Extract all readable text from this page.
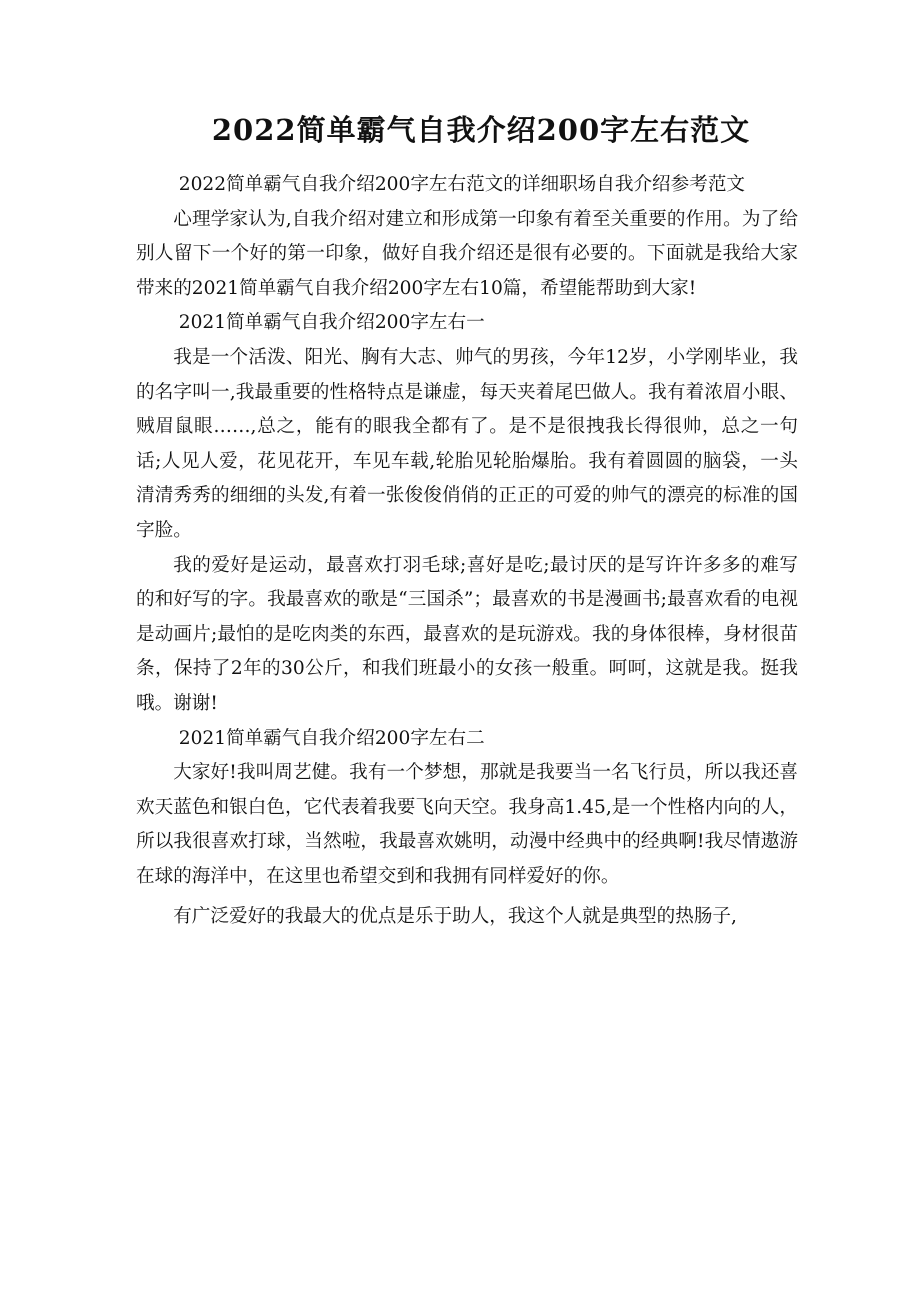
2022简单霸气自我介绍200字左右范文

2022简单霸气自我介绍200字左右范文的详细职场自我介绍参考范文

心理学家认为,自我介绍对建立和形成第一印象有着至关重要的作用。为了给别人留下一个好的第一印象，做好自我介绍还是很有必要的。下面就是我给大家带来的2021简单霸气自我介绍200字左右10篇，希望能帮助到大家!

2021简单霸气自我介绍200字左右一

我是一个活泼、阳光、胸有大志、帅气的男孩，今年12岁，小学刚毕业，我的名字叫一,我最重要的性格特点是谦虚，每天夹着尾巴做人。我有着浓眉小眼、贼眉鼠眼……,总之，能有的眼我全都有了。是不是很拽我长得很帅，总之一句话;人见人爱，花见花开，车见车载,轮胎见轮胎爆胎。我有着圆圆的脑袋，一头清清秀秀的细细的头发,有着一张俊俊俏俏的正正的可爱的帅气的漂亮的标准的国字脸。

我的爱好是运动，最喜欢打羽毛球;喜好是吃;最讨厌的是写许许多多的难写的和好写的字。我最喜欢的歌是“三国杀”；最喜欢的书是漫画书;最喜欢看的电视是动画片;最怕的是吃肉类的东西，最喜欢的是玩游戏。我的身体很棒，身材很苗条，保持了2年的30公斤，和我们班最小的女孩一般重。呵呵，这就是我。挺我哦。谢谢!

2021简单霸气自我介绍200字左右二

大家好!我叫周艺健。我有一个梦想，那就是我要当一名飞行员，所以我还喜欢天蓝色和银白色，它代表着我要飞向天空。我身高1.45,是一个性格内向的人，所以我很喜欢打球，当然啦，我最喜欢姚明，动漫中经典中的经典啊!我尽情遨游在球的海洋中，在这里也希望交到和我拥有同样爱好的你。

有广泛爱好的我最大的优点是乐于助人，我这个人就是典型的热肠子,
